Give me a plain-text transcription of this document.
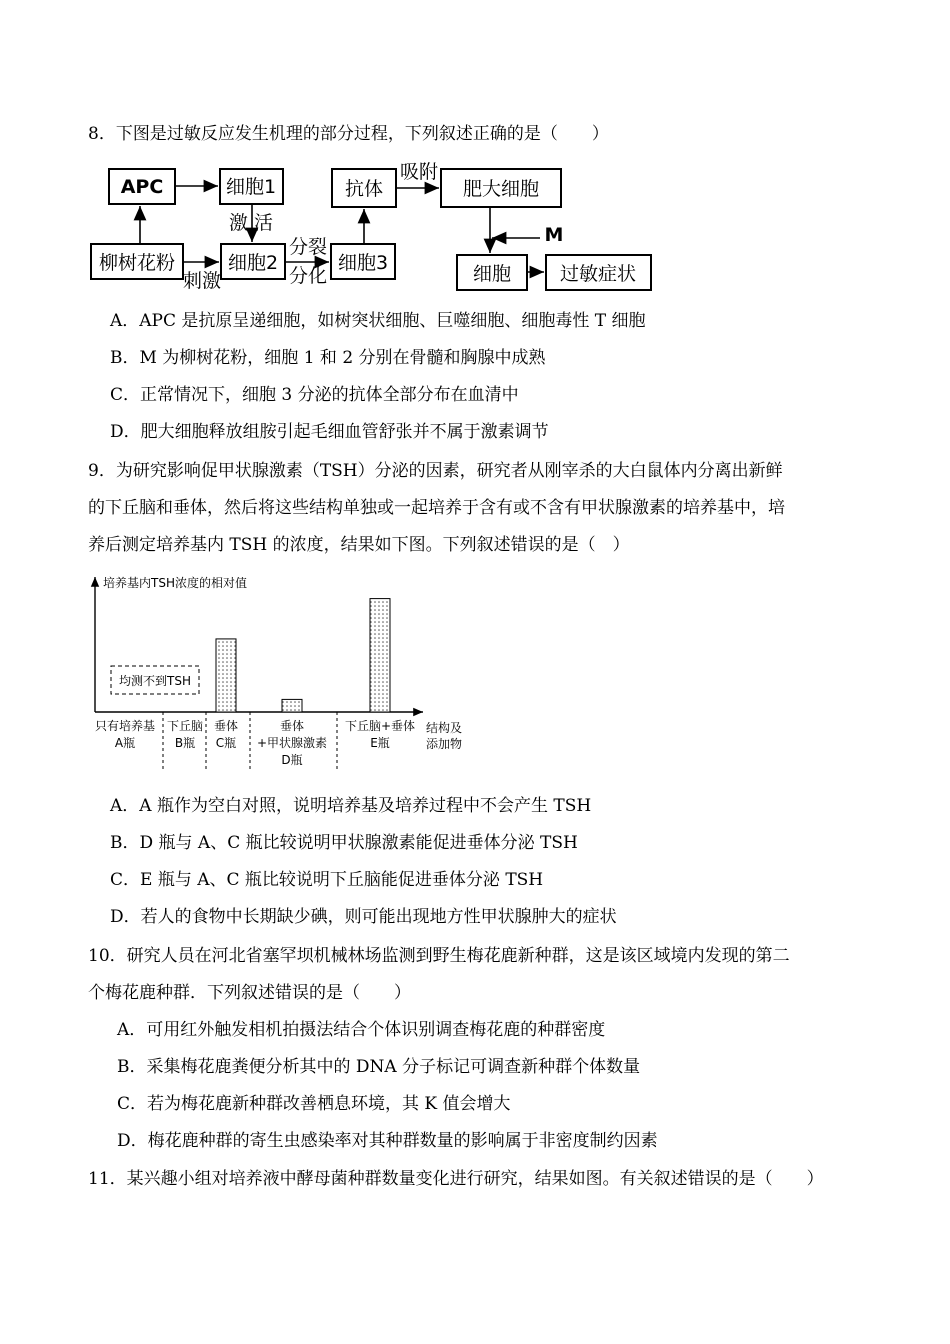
8．下图是过敏反应发生机理的部分过程，下列叙述正确的是（　　）
APC	细胞1	抗体
吸附
肥大细胞
激 活
M
柳树花粉
刺激
细胞2
分裂
分化
细胞3	细胞	过敏症状
A．APC 是抗原呈递细胞，如树突状细胞、巨噬细胞、细胞毒性 T 细胞
B．M 为柳树花粉，细胞 1 和 2 分别在骨髓和胸腺中成熟
C．正常情况下，细胞 3 分泌的抗体全部分布在血清中
D．肥大细胞释放组胺引起毛细血管舒张并不属于激素调节
9．为研究影响促甲状腺激素（TSH）分泌的因素，研究者从刚宰杀的大白鼠体内分离出新鲜
的下丘脑和垂体，然后将这些结构单独或一起培养于含有或不含有甲状腺激素的培养基中，培
养后测定培养基内 TSH 的浓度，结果如下图。下列叙述错误的是（　）
培养基内TSH浓度的相对值
结构及
添加物
均测不到TSH
只有培养基
A瓶
下丘脑
B瓶
垂体
C瓶
垂体
+甲状腺激素
D瓶
下丘脑+垂体
E瓶
A．A 瓶作为空白对照，说明培养基及培养过程中不会产生 TSH
B．D 瓶与 A、C 瓶比较说明甲状腺激素能促进垂体分泌 TSH
C．E 瓶与 A、C 瓶比较说明下丘脑能促进垂体分泌 TSH
D．若人的食物中长期缺少碘，则可能出现地方性甲状腺肿大的症状
10．研究人员在河北省塞罕坝机械林场监测到野生梅花鹿新种群，这是该区域境内发现的第二
个梅花鹿种群．下列叙述错误的是（　　）
A．可用红外触发相机拍摄法结合个体识别调查梅花鹿的种群密度
B．采集梅花鹿粪便分析其中的 DNA 分子标记可调查新种群个体数量
C．若为梅花鹿新种群改善栖息环境，其 K 值会增大
D．梅花鹿种群的寄生虫感染率对其种群数量的影响属于非密度制约因素
11．某兴趣小组对培养液中酵母菌种群数量变化进行研究，结果如图。有关叙述错误的是（　　）
